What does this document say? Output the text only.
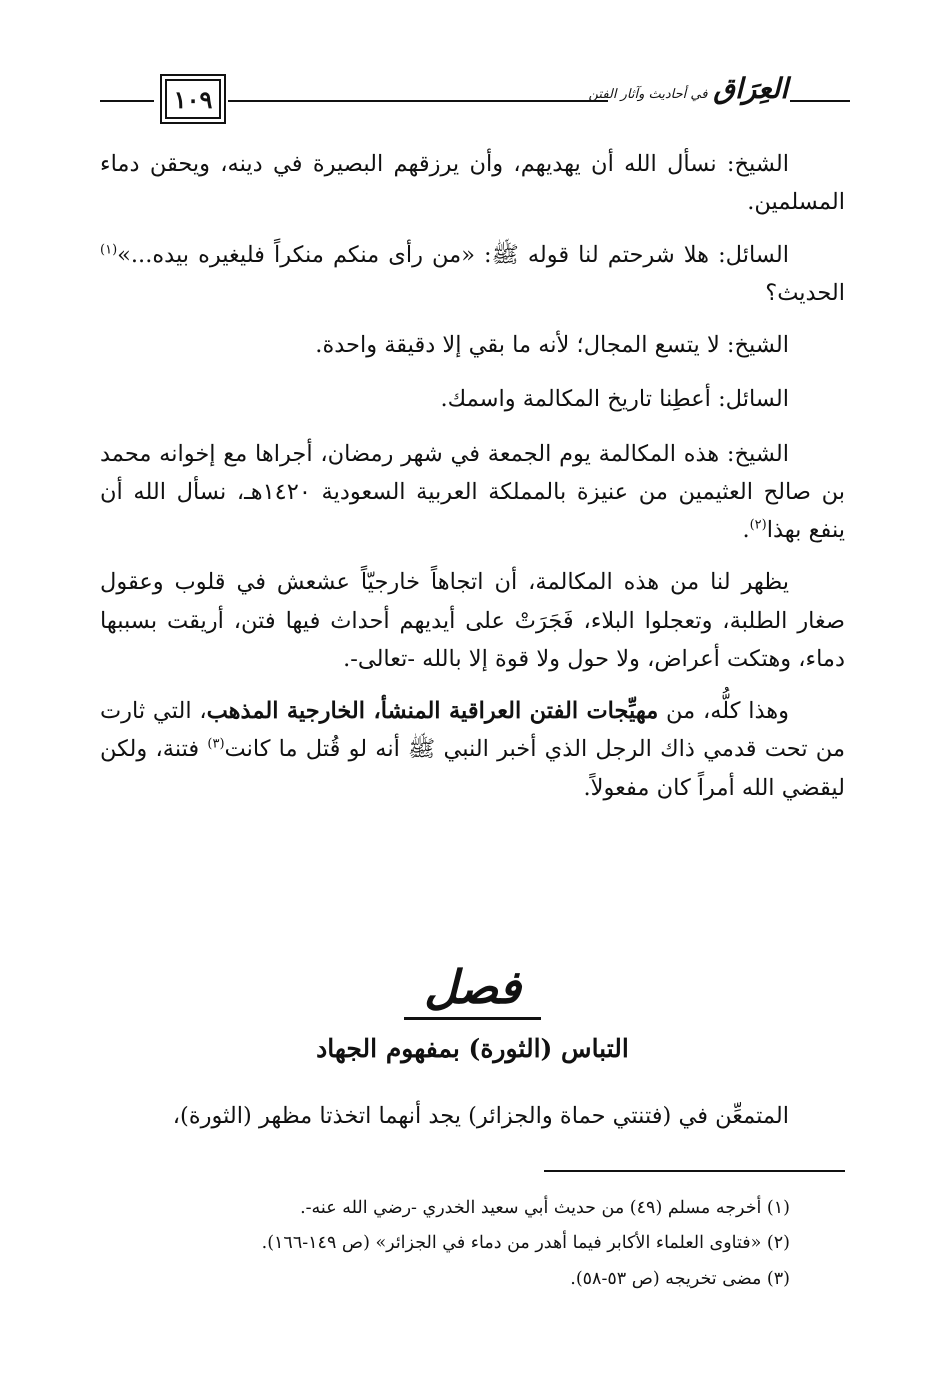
١٠٩	العِرَاق في أحاديث وآثار الفتن

الشيخ: نسأل الله أن يهديهم، وأن يرزقهم البصيرة في دينه، ويحقن دماء المسلمين.

السائل: هلا شرحتم لنا قوله ﷺ: «من رأى منكم منكراً فليغيره بيده...»$^{(١)}$ الحديث؟

الشيخ: لا يتسع المجال؛ لأنه ما بقي إلا دقيقة واحدة.

السائل: أعطِنا تاريخ المكالمة واسمك.

الشيخ: هذه المكالمة يوم الجمعة في شهر رمضان، أجراها مع إخوانه محمد بن صالح العثيمين من عنيزة بالمملكة العربية السعودية ١٤٢٠هـ، نسأل الله أن ينفع بهذا$^{(٢)}$.

يظهر لنا من هذه المكالمة، أن اتجاهاً خارجيّاً عشعش في قلوب وعقول صغار الطلبة، وتعجلوا البلاء، فَجَرَتْ على أيديهم أحداث فيها فتن، أريقت بسببها دماء، وهتكت أعراض، ولا حول ولا قوة إلا بالله -تعالى-.

وهذا كلُّه، من مهيِّجات الفتن العراقية المنشأ، الخارجية المذهب، التي ثارت من تحت قدمي ذاك الرجل الذي أخبر النبي ﷺ أنه لو قُتل ما كانت$^{(٣)}$ فتنة، ولكن ليقضي الله أمراً كان مفعولاً.

فصل
التباس (الثورة) بمفهوم الجهاد

المتمعِّن في (فتنتي حماة والجزائر) يجد أنهما اتخذتا مظهر (الثورة)،

(١) أخرجه مسلم (٤٩) من حديث أبي سعيد الخدري -رضي الله عنه-.

(٢) «فتاوى العلماء الأكابر فيما أهدر من دماء في الجزائر» (ص ١٤٩-١٦٦).

(٣) مضى تخريجه (ص ٥٣-٥٨).
